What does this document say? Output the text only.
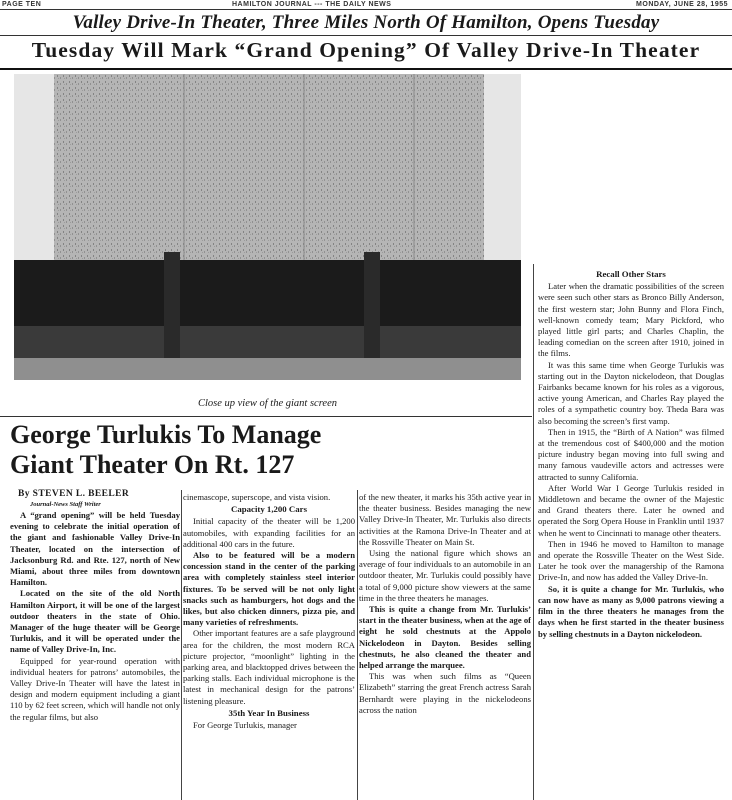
PAGE TEN	HAMILTON JOURNAL --- THE DAILY NEWS	MONDAY, JUNE 28, 1955
Valley Drive-In Theater, Three Miles North Of Hamilton, Opens Tuesday
Tuesday Will Mark “Grand Opening” Of Valley Drive-In Theater
Close up view of the giant screen
George Turlukis To Manage Giant Theater On Rt. 127
By STEVEN L. BEELER
Journal-News Staff Writer

A “grand opening” will be held Tuesday evening to celebrate the initial operation of the giant and fashionable Valley Drive-In Theater, located on the intersection of Jacksonburg Rd. and Rte. 127, north of New Miami, about three miles from downtown Hamilton.

Located on the site of the old North Hamilton Airport, it will be one of the largest outdoor theaters in the state of Ohio. Manager of the huge theater will be George Turlukis, and it will be operated under the name of Valley Drive-In, Inc.

Equipped for year-round operation with individual heaters for patrons’ automobiles, the Valley Drive-In Theater will have the latest in design and modern equipment including a giant 110 by 62 feet screen, which will handle not only the regular films, but also

cinemascope, superscope, and vista vision.

Capacity 1,200 Cars

Initial capacity of the theater will be 1,200 automobiles, with expanding facilities for an additional 400 cars in the future.

Also to be featured will be a modern concession stand in the center of the parking area with completely stainless steel interior fixtures. To be served will be not only light snacks such as hamburgers, hot dogs and the likes, but also chicken dinners, pizza pie, and many varieties of refreshments.

Other important features are a safe playground area for the children, the most modern RCA picture projector, “moonlight” lighting in the parking area, and blacktopped drives between the parking stalls. Each individual microphone is the latest in mechanical design for the patrons’ listening pleasure.

35th Year In Business

For George Turlukis, manager

of the new theater, it marks his 35th active year in the theater business. Besides managing the new Valley Drive-In Theater, Mr. Turlukis also directs activities at the Ramona Drive-In Theater and at the Rossville Theater on Main St.

Using the national figure which shows an average of four individuals to an automobile in an outdoor theater, Mr. Turlukis could possibly have a total of 9,000 picture show viewers at the same time in the three theaters he manages.

This is quite a change from Mr. Turlukis’ start in the theater business, when at the age of eight he sold chestnuts at the Appolo Nickelodeon in Dayton. Besides selling chestnuts, he also cleaned the theater and helped arrange the marquee.

This was when such films as “Queen Elizabeth” starring the great French actress Sarah Bernhardt were playing in the nickelodeons across the nation

Recall Other Stars

Later when the dramatic possibilities of the screen were seen such other stars as Bronco Billy Anderson, the first western star; John Bunny and Flora Finch, well-known comedy team; Mary Pickford, who played little girl parts; and Charles Chaplin, the leading comedian on the screen after 1910, joined in the films.

It was this same time when George Turlukis was starting out in the Dayton nickelodeon, that Douglas Fairbanks became known for his roles as a vigorous, active young American, and Charles Ray played the roles of a sympathetic country boy. Theda Bara was also becoming the screen’s first vamp.

Then in 1915, the “Birth of A Nation” was filmed at the tremendous cost of $400,000 and the motion picture industry began moving into full swing and many famous vaudeville actors and actresses were attracted to sunny California.

After World War I George Turlukis resided in Middletown and became the owner of the Majestic and Grand theaters there. Later he owned and operated the Sorg Opera House in Franklin until 1937 when he went to Cincinnati to manage other theaters.

Then in 1946 he moved to Hamilton to manage and operate the Rossville Theater on the West Side. Later he took over the managership of the Ramona Drive-In, and now has added the Valley Drive-In.

So, it is quite a change for Mr. Turlukis, who can now have as many as 9,000 patrons viewing a film in the three theaters he manages from the days when he first started in the theater business by selling chestnuts in a Dayton nickelodeon.
